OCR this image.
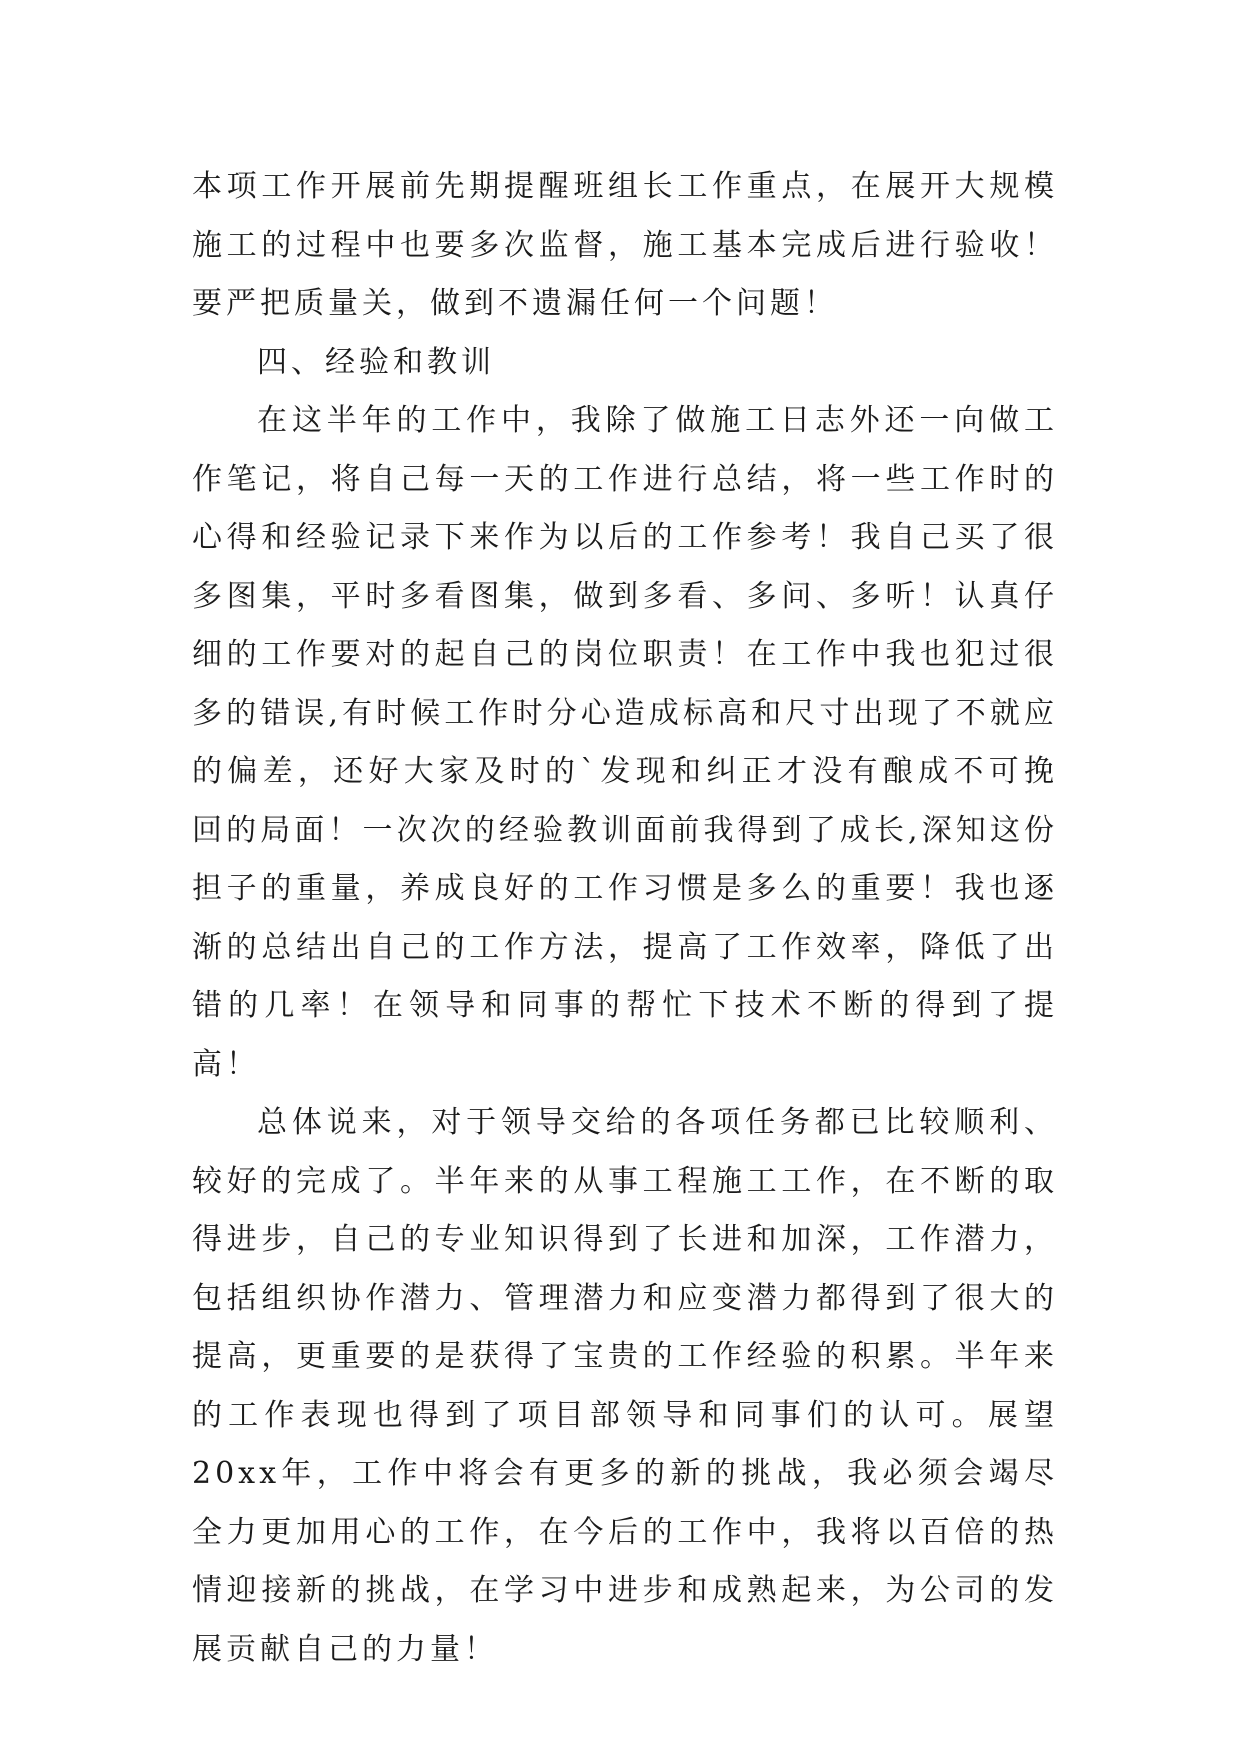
本项工作开展前先期提醒班组长工作重点，在展开大规模施工的过程中也要多次监督，施工基本完成后进行验收！要严把质量关，做到不遗漏任何一个问题！

四、经验和教训

在这半年的工作中，我除了做施工日志外还一向做工作笔记，将自己每一天的工作进行总结，将一些工作时的心得和经验记录下来作为以后的工作参考！我自己买了很多图集，平时多看图集，做到多看、多问、多听！认真仔细的工作要对的起自己的岗位职责！在工作中我也犯过很多的错误,有时候工作时分心造成标高和尺寸出现了不就应的偏差，还好大家及时的`发现和纠正才没有酿成不可挽回的局面！一次次的经验教训面前我得到了成长,深知这份担子的重量，养成良好的工作习惯是多么的重要！我也逐渐的总结出自己的工作方法，提高了工作效率，降低了出错的几率！在领导和同事的帮忙下技术不断的得到了提高！

总体说来，对于领导交给的各项任务都已比较顺利、较好的完成了。半年来的从事工程施工工作，在不断的取得进步，自己的专业知识得到了长进和加深，工作潜力，包括组织协作潜力、管理潜力和应变潜力都得到了很大的提高，更重要的是获得了宝贵的工作经验的积累。半年来的工作表现也得到了项目部领导和同事们的认可。展望20xx年，工作中将会有更多的新的挑战，我必须会竭尽全力更加用心的工作，在今后的工作中，我将以百倍的热情迎接新的挑战，在学习中进步和成熟起来，为公司的发展贡献自己的力量！
